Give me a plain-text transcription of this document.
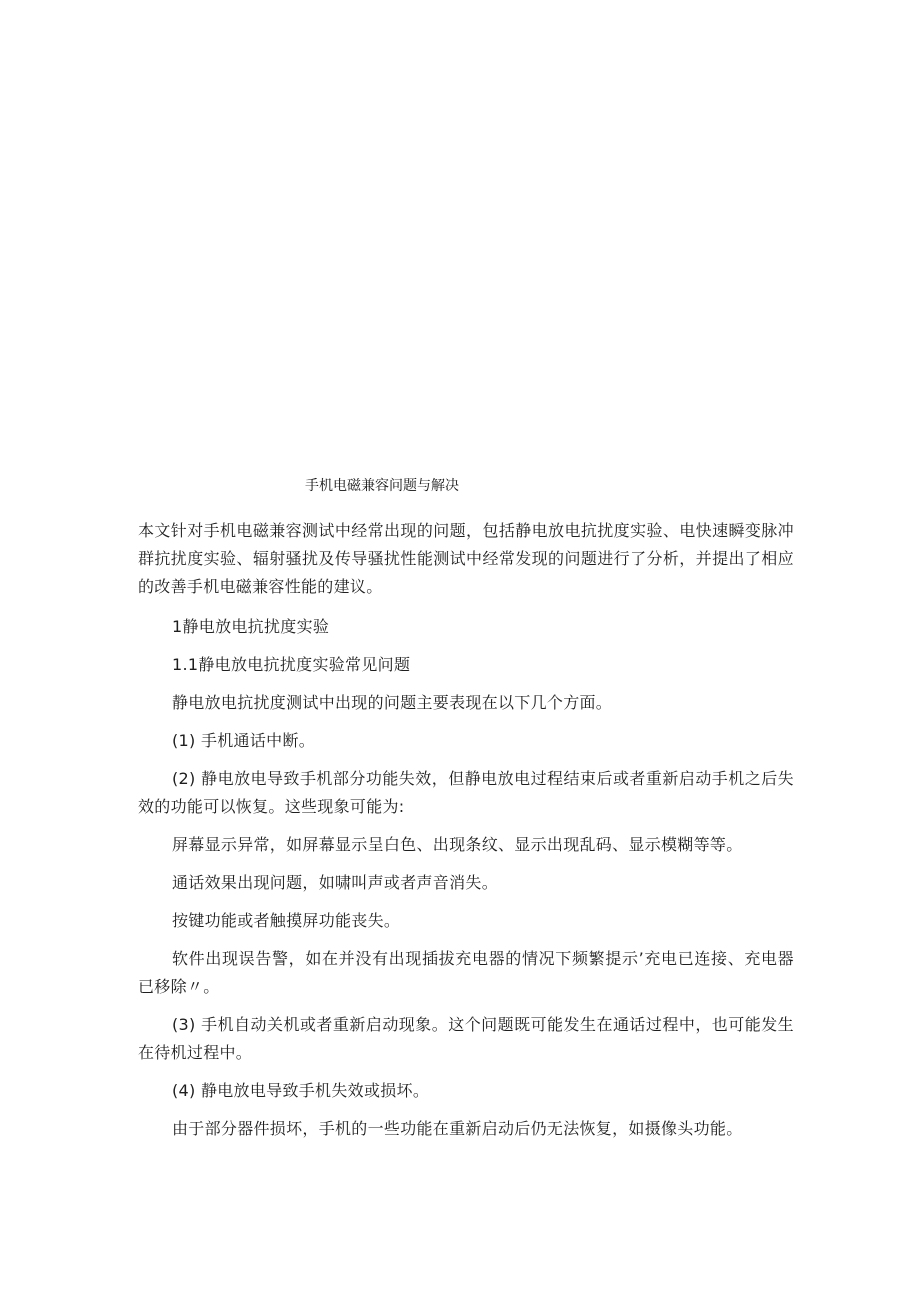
手机电磁兼容问题与解决

本文针对手机电磁兼容测试中经常出现的问题，包括静电放电抗扰度实验、电快速瞬变脉冲群抗扰度实验、辐射骚扰及传导骚扰性能测试中经常发现的问题进行了分析，并提出了相应的改善手机电磁兼容性能的建议。

1静电放电抗扰度实验

1.1静电放电抗扰度实验常见问题

静电放电抗扰度测试中出现的问题主要表现在以下几个方面。

(1) 手机通话中断。

(2) 静电放电导致手机部分功能失效，但静电放电过程结束后或者重新启动手机之后失效的功能可以恢复。这些现象可能为:

屏幕显示异常，如屏幕显示呈白色、出现条纹、显示出现乱码、显示模糊等等。

通话效果出现问题，如啸叫声或者声音消失。

按键功能或者触摸屏功能丧失。

软件出现误告警，如在并没有出现插拔充电器的情况下频繁提示’充电已连接、充电器已移除〃。

(3) 手机自动关机或者重新启动现象。这个问题既可能发生在通话过程中，也可能发生在待机过程中。

(4) 静电放电导致手机失效或损坏。

由于部分器件损坏，手机的一些功能在重新启动后仍无法恢复，如摄像头功能。
